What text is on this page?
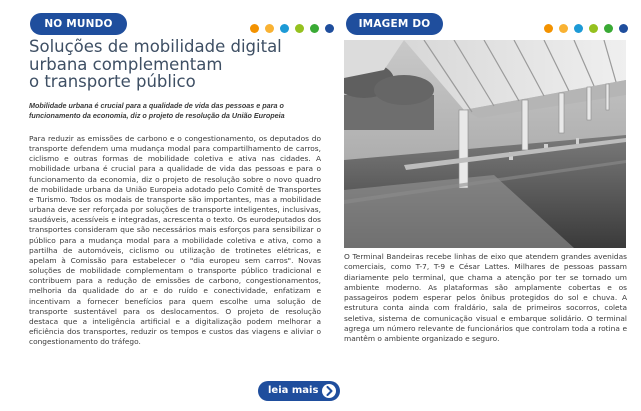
NO MUNDO
Soluções de mobilidade digital
urbana complementam
o transporte público

Mobilidade urbana é crucial para a qualidade de vida das pessoas e para o funcionamento da economia, diz o projeto de resolução da União Europeia

Para reduzir as emissões de carbono e o congestionamento, os deputados do transporte defendem uma mudança modal para compartilhamento de carros, ciclismo e outras formas de mobilidade coletiva e ativa nas cidades. A mobilidade urbana é crucial para a qualidade de vida das pessoas e para o funcionamento da economia, diz o projeto de resolução sobre o novo quadro de mobilidade urbana da União Europeia adotado pelo Comitê de Transportes e Turismo. Todos os modais de transporte são importantes, mas a mobilidade urbana deve ser reforçada por soluções de transporte inteligentes, inclusivas, saudáveis, acessíveis e integradas, acrescenta o texto. Os eurodeputados dos transportes consideram que são necessários mais esforços para sensibilizar o público para a mudança modal para a mobilidade coletiva e ativa, como a partilha de automóveis, ciclismo ou utilização de trotinetes elétricas, e apelam à Comissão para estabelecer o "dia europeu sem carros". Novas soluções de mobilidade complementam o transporte público tradicional e contribuem para a redução de emissões de carbono, congestionamentos, melhoria da qualidade do ar e do ruído e conectividade, enfatizam e incentivam a fornecer benefícios para quem escolhe uma solução de transporte sustentável para os deslocamentos. O projeto de resolução destaca que a inteligência artificial e a digitalização podem melhorar a eficiência dos transportes, reduzir os tempos e custos das viagens e aliviar o congestionamento do tráfego.

leia mais
IMAGEM DO

O Terminal Bandeiras recebe linhas de eixo que atendem grandes avenidas comerciais, como T-7, T-9 e César Lattes. Milhares de pessoas passam diariamente pelo terminal, que chama a atenção por ter se tornado um ambiente moderno. As plataformas são amplamente cobertas e os passageiros podem esperar pelos ônibus protegidos do sol e chuva. A estrutura conta ainda com fraldário, sala de primeiros socorros, coleta seletiva, sistema de comunicação visual e embarque solidário. O terminal agrega um número relevante de funcionários que controlam toda a rotina e mantêm o ambiente organizado e seguro.
